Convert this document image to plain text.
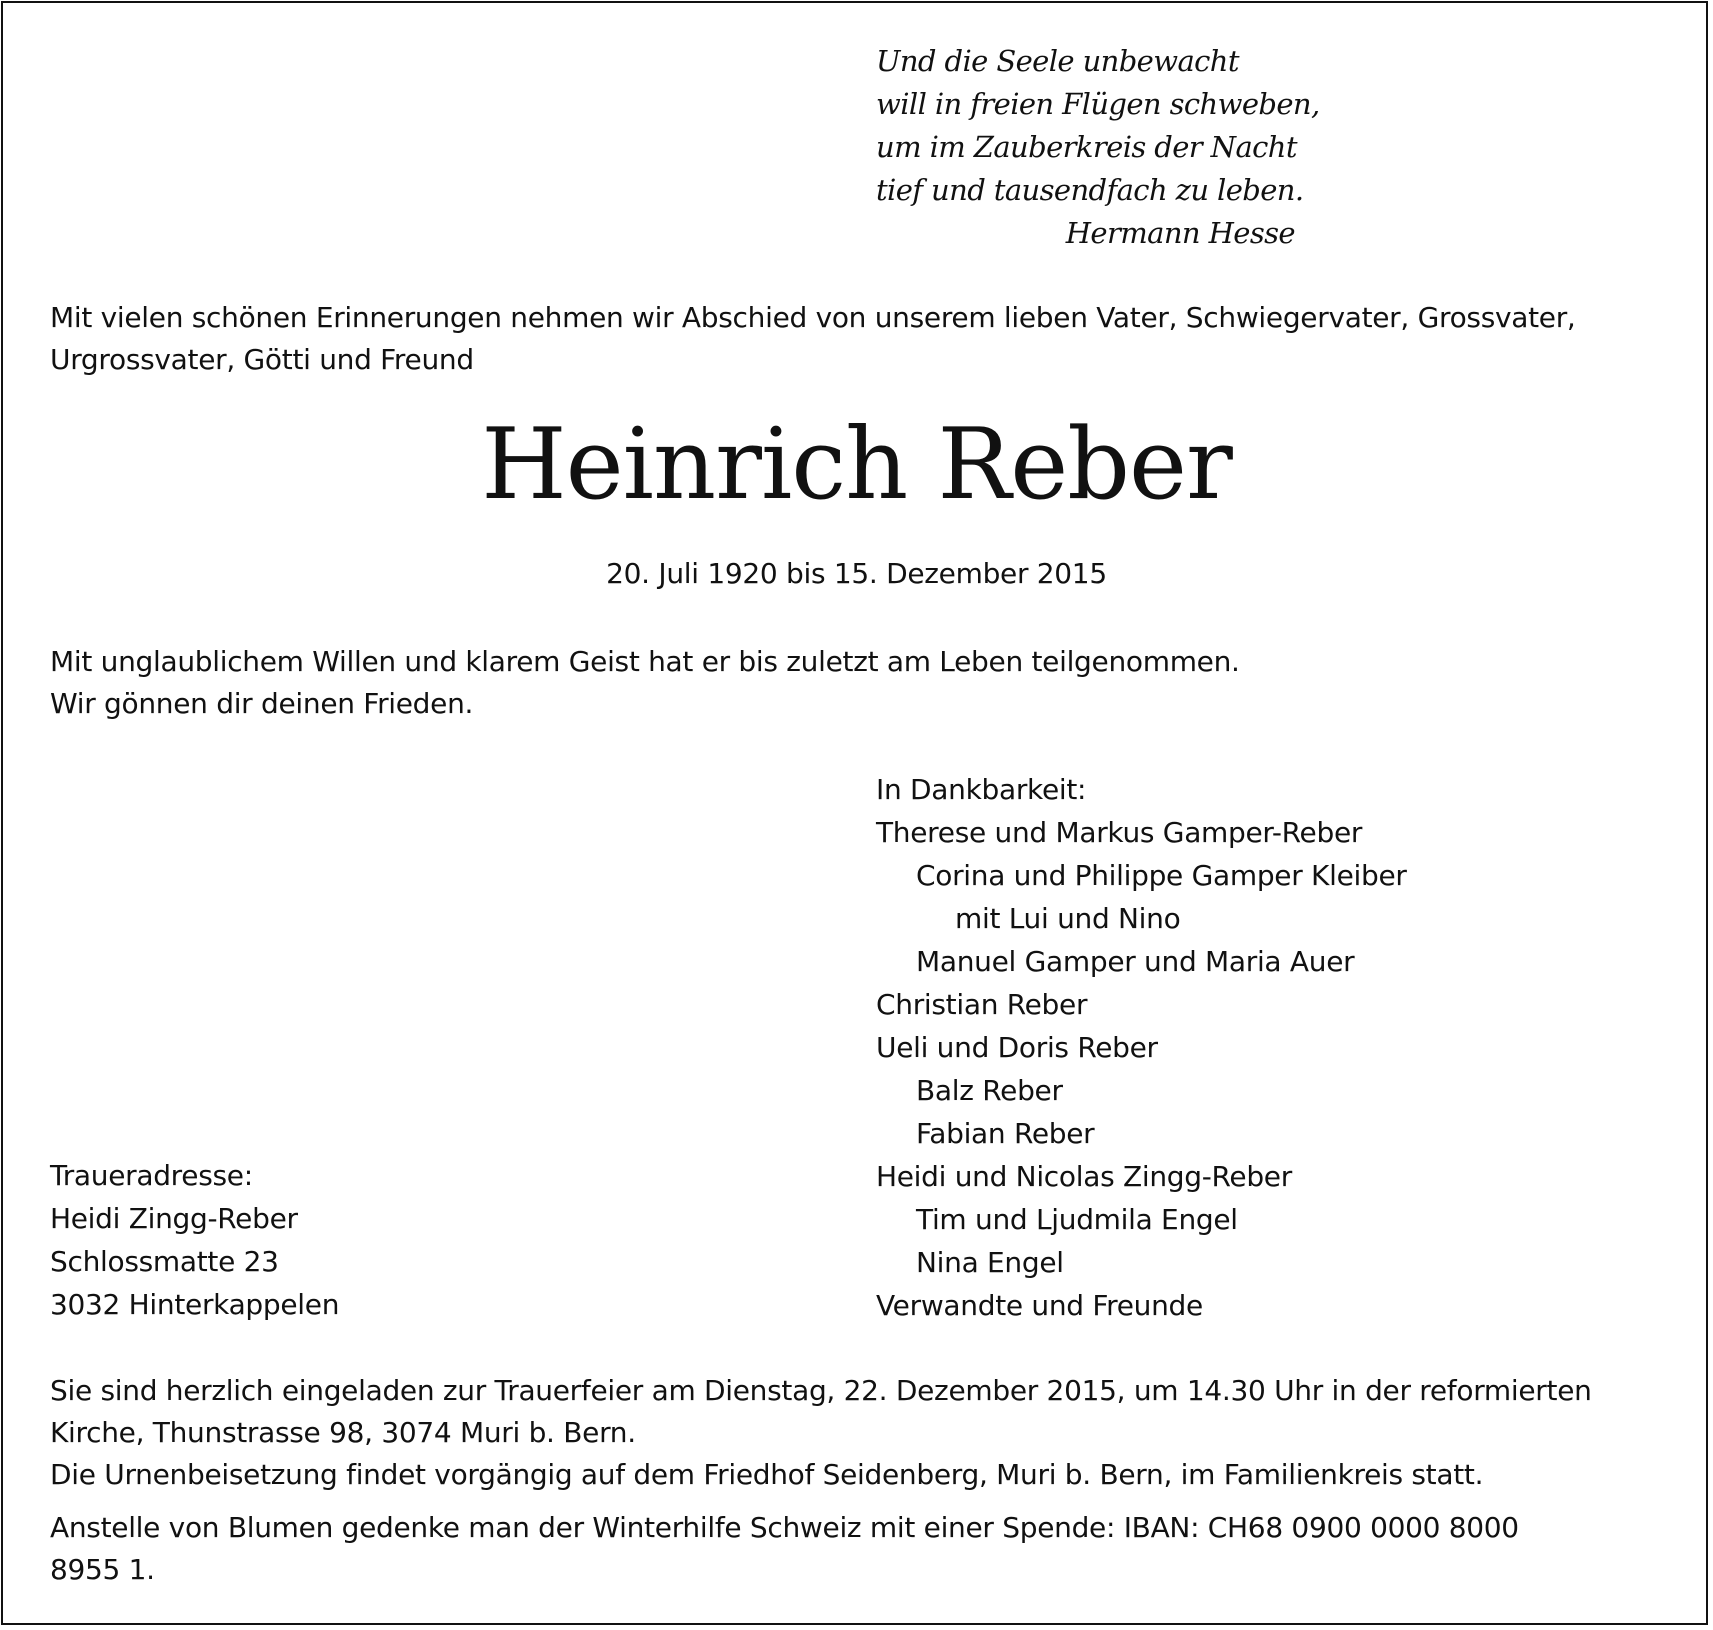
Und die Seele unbewacht
will in freien Flügen schweben,
um im Zauberkreis der Nacht
tief und tausendfach zu leben.
Hermann Hesse
Mit vielen schönen Erinnerungen nehmen wir Abschied von unserem lieben Vater, Schwiegervater, Grossvater,
Urgrossvater, Götti und Freund
Heinrich Reber
20. Juli 1920 bis 15. Dezember 2015
Mit unglaublichem Willen und klarem Geist hat er bis zuletzt am Leben teilgenommen.
Wir gönnen dir deinen Frieden.
In Dankbarkeit:
Therese und Markus Gamper-Reber
Corina und Philippe Gamper Kleiber
mit Lui und Nino
Manuel Gamper und Maria Auer
Christian Reber
Ueli und Doris Reber
Balz Reber
Fabian Reber
Heidi und Nicolas Zingg-Reber
Tim und Ljudmila Engel
Nina Engel
Verwandte und Freunde
Traueradresse:
Heidi Zingg-Reber
Schlossmatte 23
3032 Hinterkappelen
Sie sind herzlich eingeladen zur Trauerfeier am Dienstag, 22. Dezember 2015, um 14.30 Uhr in der reformierten
Kirche, Thunstrasse 98, 3074 Muri b. Bern.
Die Urnenbeisetzung findet vorgängig auf dem Friedhof Seidenberg, Muri b. Bern, im Familienkreis statt.
Anstelle von Blumen gedenke man der Winterhilfe Schweiz mit einer Spende: IBAN: CH68 0900 0000 8000
8955 1.
